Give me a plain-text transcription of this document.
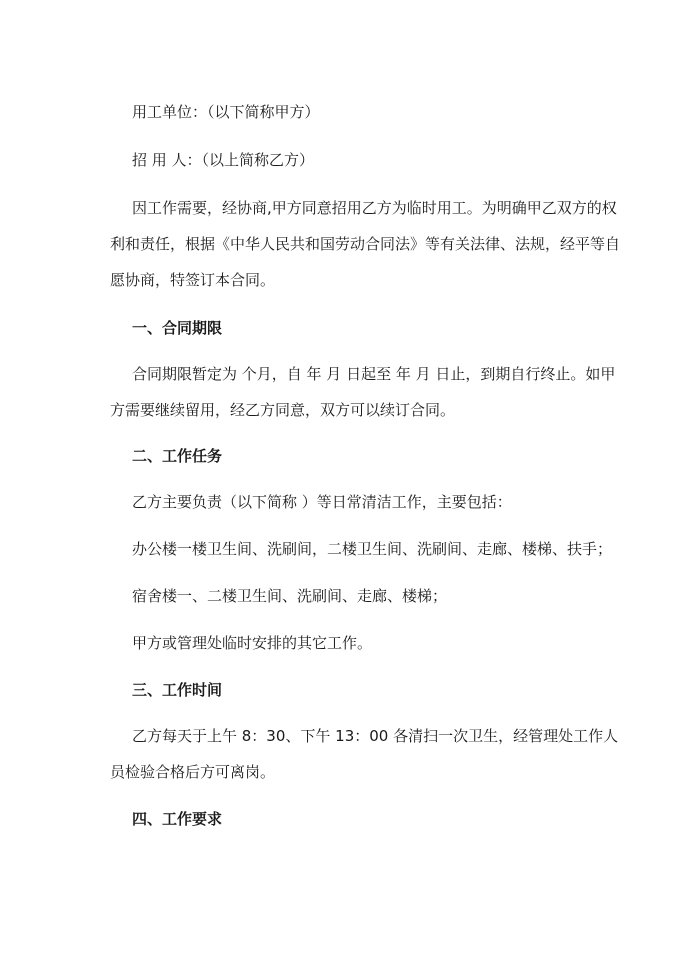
用工单位：（以下简称甲方）
招 用 人：（以上简称乙方）
因工作需要，经协商,甲方同意招用乙方为临时用工。为明确甲乙双方的权
利和责任，根据《中华人民共和国劳动合同法》等有关法律、法规，经平等自
愿协商，特签订本合同。
一、合同期限
合同期限暂定为 个月，自 年 月 日起至 年 月 日止，到期自行终止。如甲
方需要继续留用，经乙方同意，双方可以续订合同。
二、工作任务
乙方主要负责（以下简称 ）等日常清洁工作，主要包括：
办公楼一楼卫生间、洗刷间，二楼卫生间、洗刷间、走廊、楼梯、扶手；
宿舍楼一、二楼卫生间、洗刷间、走廊、楼梯；
甲方或管理处临时安排的其它工作。
三、工作时间
乙方每天于上午 8：30、下午 13：00 各清扫一次卫生，经管理处工作人
员检验合格后方可离岗。
四、工作要求
